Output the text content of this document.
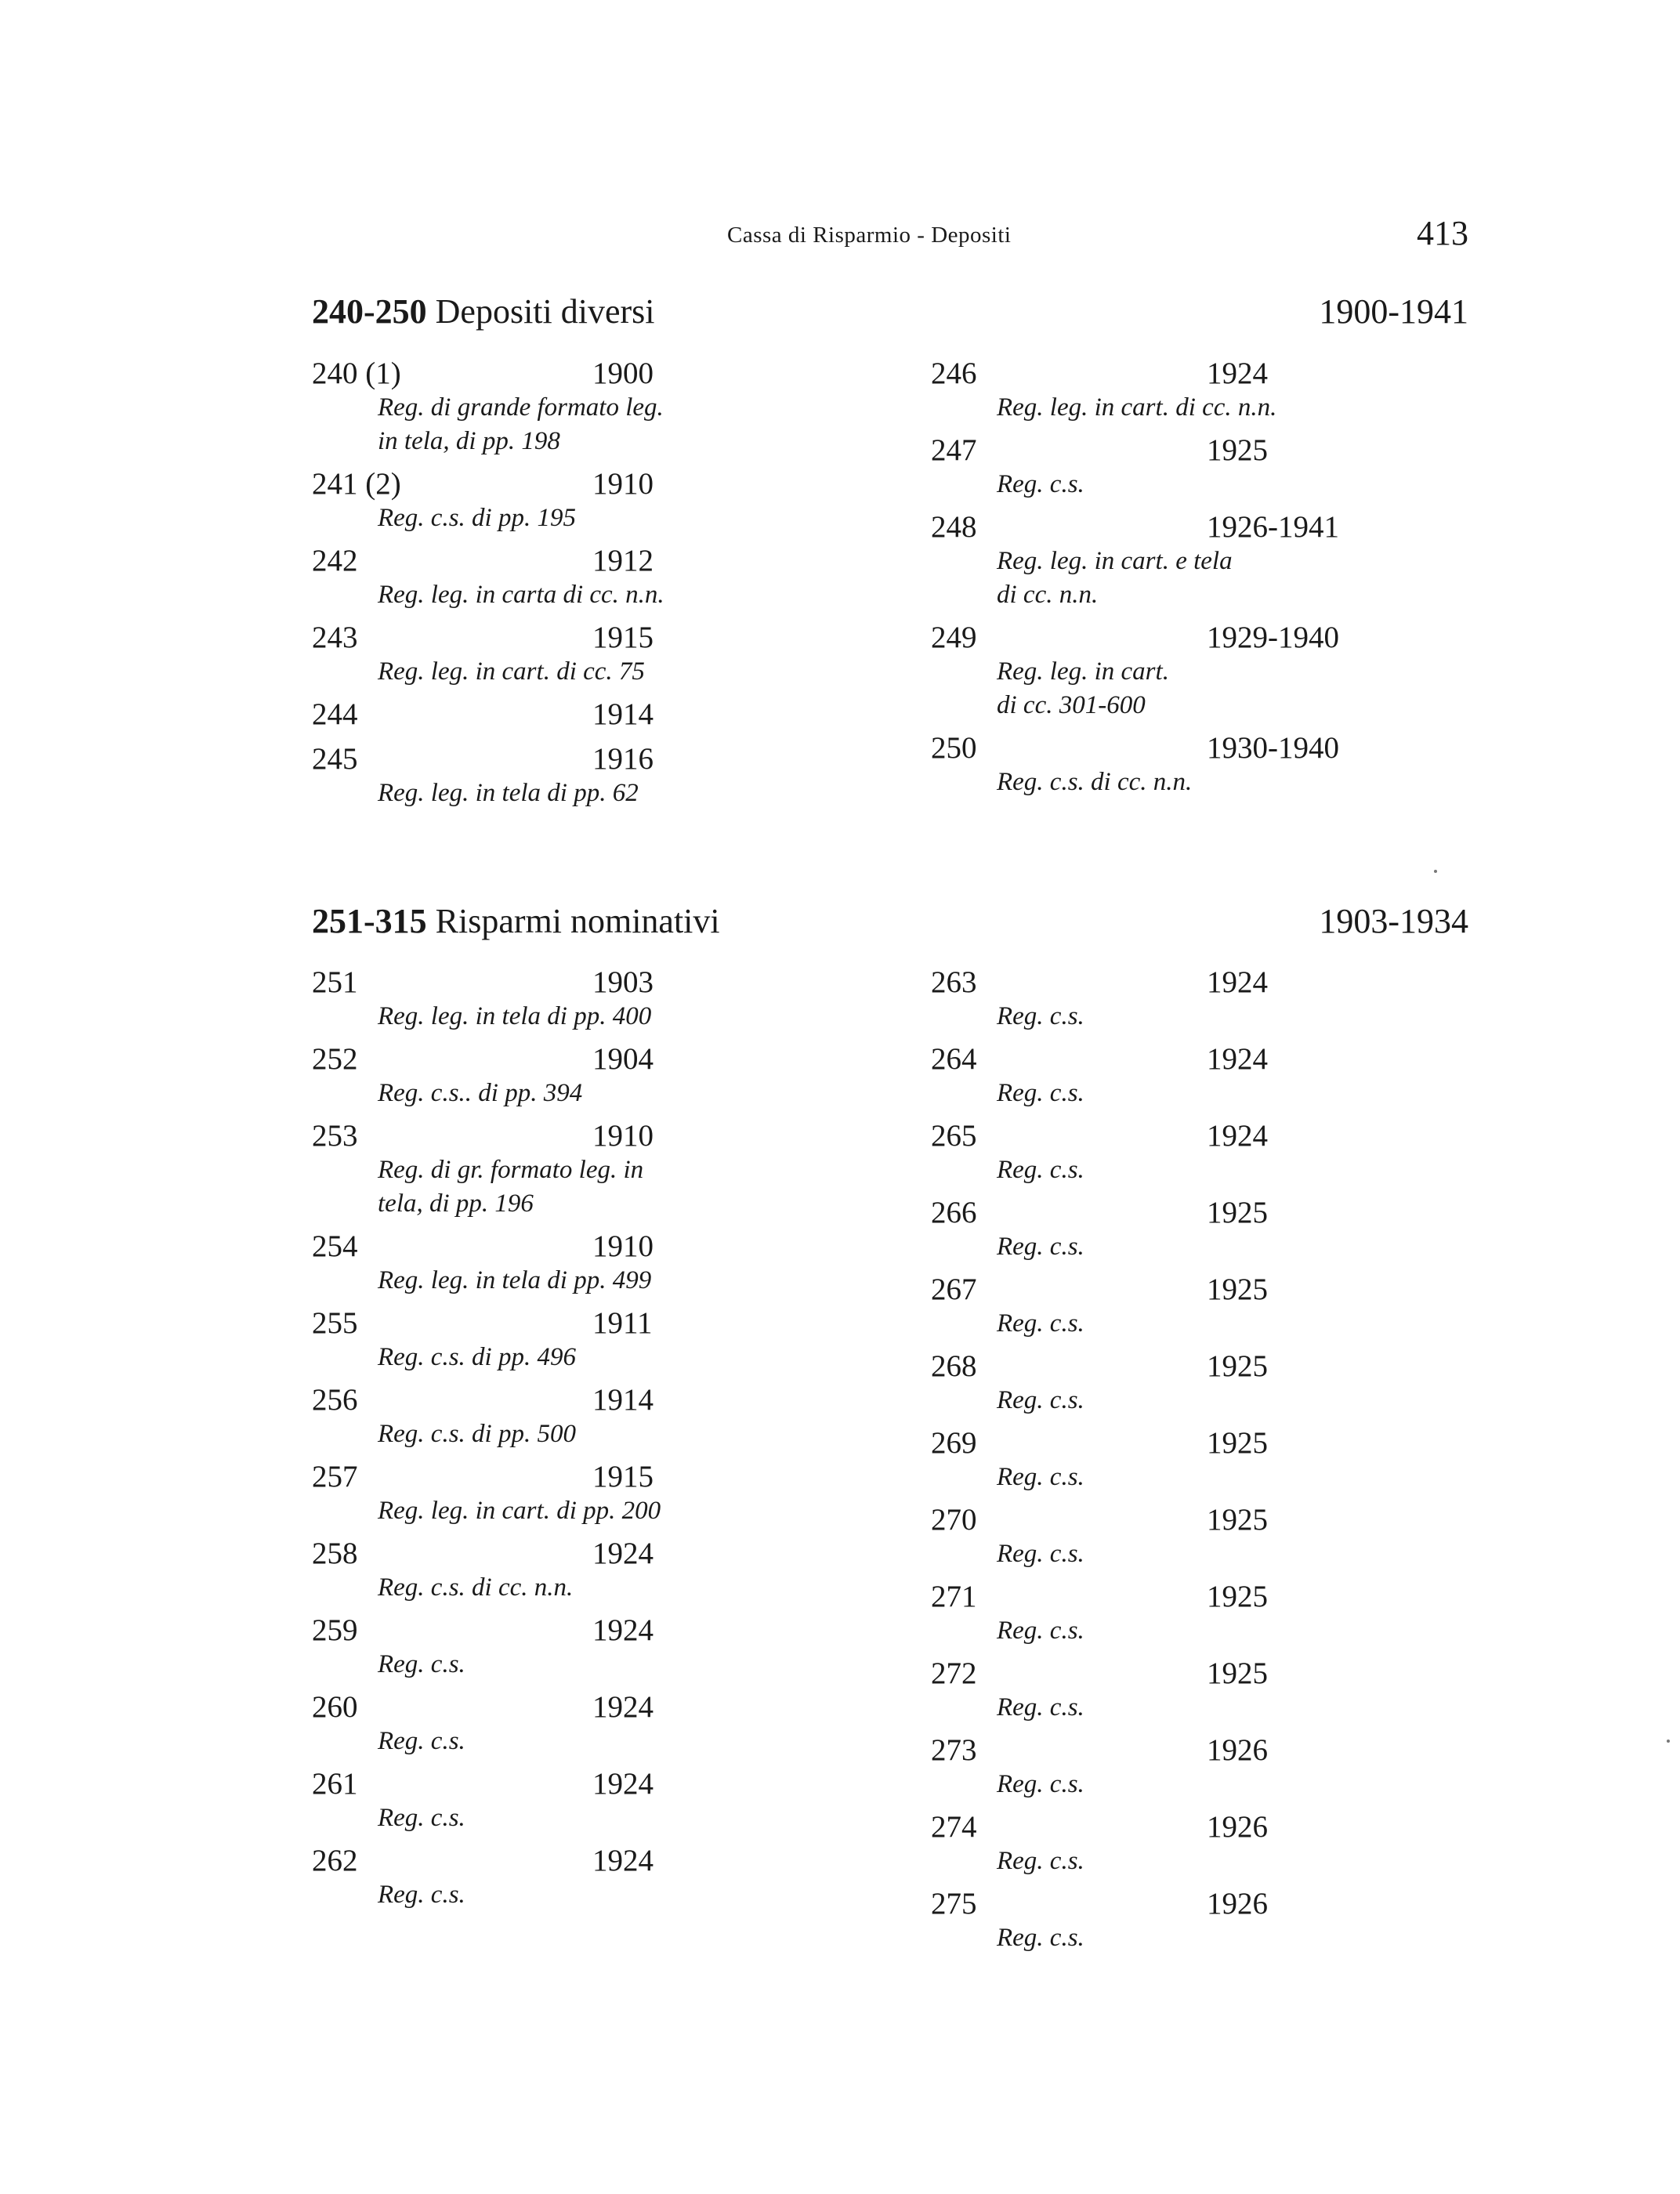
Cassa di Risparmio - Depositi	413
240-250 Depositi diversi	1900-1941
240 (1)	1900
Reg. di grande formato leg.
in tela, di pp. 198
241 (2)	1910
Reg. c.s. di pp. 195
242	1912
Reg. leg. in carta di cc. n.n.
243	1915
Reg. leg. in cart. di cc. 75
244	1914
245	1916
Reg. leg. in tela di pp. 62
246	1924
Reg. leg. in cart. di cc. n.n.
247	1925
Reg. c.s.
248	1926-1941
Reg. leg. in cart. e tela
di cc. n.n.
249	1929-1940
Reg. leg. in cart.
di cc. 301-600
250	1930-1940
Reg. c.s. di cc. n.n.
251-315 Risparmi nominativi	1903-1934
251	1903
Reg. leg. in tela di pp. 400
252	1904
Reg. c.s.. di pp. 394
253	1910
Reg. di gr. formato leg. in
tela, di pp. 196
254	1910
Reg. leg. in tela di pp. 499
255	1911
Reg. c.s. di pp. 496
256	1914
Reg. c.s. di pp. 500
257	1915
Reg. leg. in cart. di pp. 200
258	1924
Reg. c.s. di cc. n.n.
259	1924
Reg. c.s.
260	1924
Reg. c.s.
261	1924
Reg. c.s.
262	1924
Reg. c.s.
263	1924
Reg. c.s.
264	1924
Reg. c.s.
265	1924
Reg. c.s.
266	1925
Reg. c.s.
267	1925
Reg. c.s.
268	1925
Reg. c.s.
269	1925
Reg. c.s.
270	1925
Reg. c.s.
271	1925
Reg. c.s.
272	1925
Reg. c.s.
273	1926
Reg. c.s.
274	1926
Reg. c.s.
275	1926
Reg. c.s.
